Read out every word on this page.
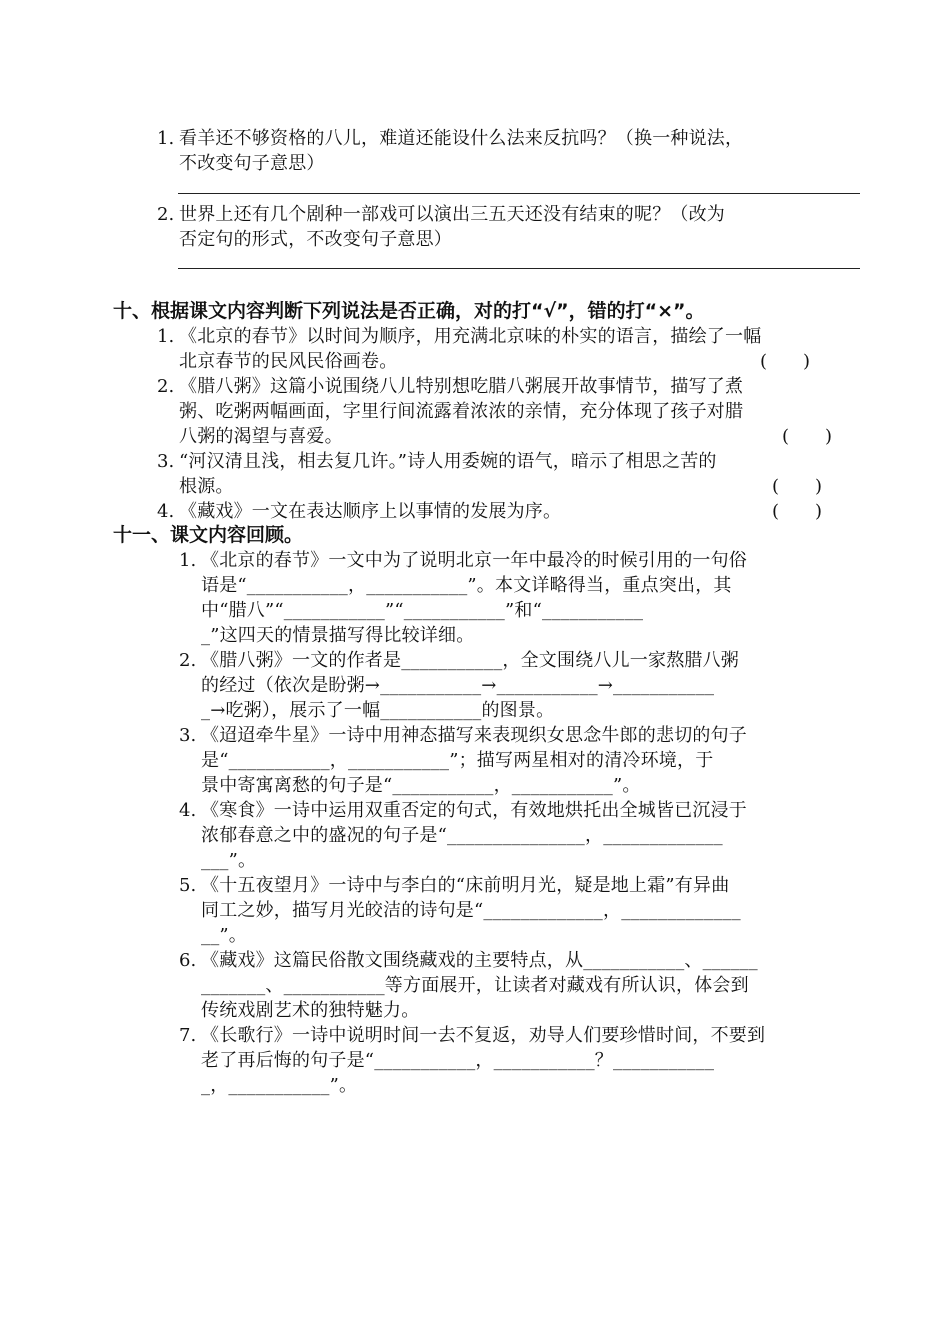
1. 看羊还不够资格的八儿，难道还能设什么法来反抗吗？（换一种说法，
不改变句子意思）
2. 世界上还有几个剧种一部戏可以演出三五天还没有结束的呢？（改为
否定句的形式，不改变句子意思）
十、根据课文内容判断下列说法是否正确，对的打“√”，错的打“×”。
1. 《北京的春节》以时间为顺序，用充满北京味的朴实的语言，描绘了一幅
北京春节的民风民俗画卷。	(　　)
2. 《腊八粥》这篇小说围绕八儿特别想吃腊八粥展开故事情节，描写了煮
粥、吃粥两幅画面，字里行间流露着浓浓的亲情，充分体现了孩子对腊
八粥的渴望与喜爱。	(　　)
3. “河汉清且浅，相去复几许。”诗人用委婉的语气，暗示了相思之苦的
根源。	(　　)
4. 《藏戏》一文在表达顺序上以事情的发展为序。	(　　)
十一、课文内容回顾。
1. 《北京的春节》一文中为了说明北京一年中最冷的时候引用的一句俗
语是“___________，___________”。本文详略得当，重点突出，其
中“腊八”“___________”“___________”和“___________
_”这四天的情景描写得比较详细。
2. 《腊八粥》一文的作者是___________，全文围绕八儿一家熬腊八粥
的经过（依次是盼粥→___________→___________→___________
_→吃粥），展示了一幅___________的图景。
3. 《迢迢牵牛星》一诗中用神态描写来表现织女思念牛郎的悲切的句子
是“___________，___________”；描写两星相对的清冷环境，于
景中寄寓离愁的句子是“___________，___________”。
4. 《寒食》一诗中运用双重否定的句式，有效地烘托出全城皆已沉浸于
浓郁春意之中的盛况的句子是“_______________，_____________
___”。
5. 《十五夜望月》一诗中与李白的“床前明月光，疑是地上霜”有异曲
同工之妙，描写月光皎洁的诗句是“_____________，_____________
__”。
6. 《藏戏》这篇民俗散文围绕藏戏的主要特点，从___________、______
_______、___________等方面展开，让读者对藏戏有所认识，体会到
传统戏剧艺术的独特魅力。
7. 《长歌行》一诗中说明时间一去不复返，劝导人们要珍惜时间，不要到
老了再后悔的句子是“___________，___________？___________
_，___________”。
